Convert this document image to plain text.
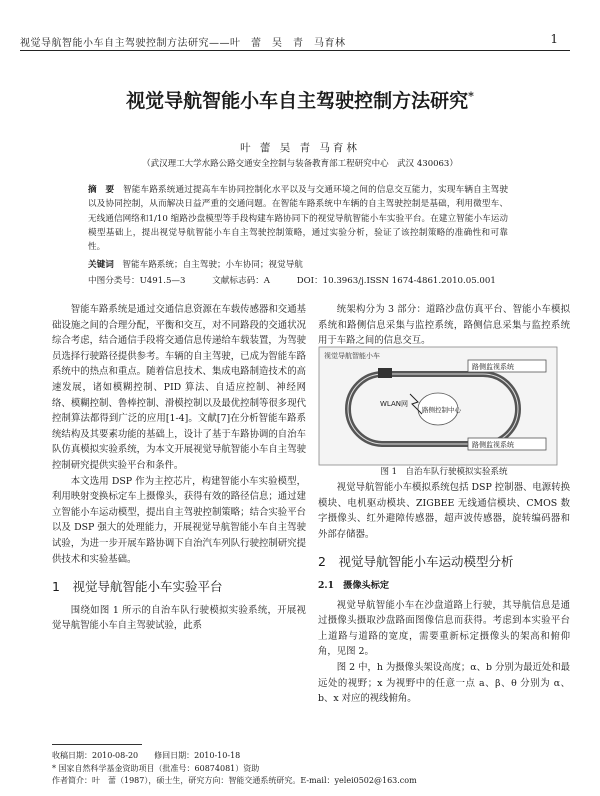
视觉导航智能小车自主驾驶控制方法研究——叶　蕾　吴　青　马育林	1
视觉导航智能小车自主驾驶控制方法研究*
叶 蕾 吴 青 马育林
（武汉理工大学水路公路交通安全控制与装备教育部工程研究中心　武汉 430063）
摘　要　 智能车路系统通过提高车车协同控制化水平以及与交通环境之间的信息交互能力，实现车辆自主驾驶以及协同控制，从而解决日益严重的交通问题。在智能车路系统中车辆的自主驾驶控制是基础，利用微型车、无线通信网络和1/10 缩路沙盘模型等手段构建车路协同下的视觉导航智能小车实验平台。在建立智能小车运动模型基础上，提出视觉导航智能小车自主驾驶控制策略，通过实验分析，验证了该控制策略的准确性和可靠性。
关键词　 智能车路系统；自主驾驶；小车协同；视觉导航
中图分类号：U491.5—3	文献标志码：A	DOI：10.3963/j.ISSN 1674-4861.2010.05.001

智能车路系统是通过交通信息资源在车载传感器和交通基础设施之间的合理分配，平衡和交互，对不同路段的交通状况综合考虑，结合通信手段将交通信息传递给车载装置，为驾驶员选择行驶路径提供参考。车辆的自主驾驶，已成为智能车路系统中的热点和重点。随着信息技术、集成电路制造技术的高速发展，诸如模糊控制、PID 算法、自适应控制、神经网络、模糊控制、鲁棒控制、滑模控制以及最优控制等很多现代控制算法都得到广泛的应用[1-4]。文献[7]在分析智能车路系统结构及其要素功能的基础上，设计了基于车路协调的自治车队仿真模拟实验系统，为本文开展视觉导航智能小车自主驾驶控制研究提供实验平台和条件。

本文选用 DSP 作为主控芯片，构建智能小车实验模型，利用映射变换标定车上摄像头，获得有效的路径信息；通过建立智能小车运动模型，提出自主驾驶控制策略；结合实验平台以及 DSP 强大的处理能力，开展视觉导航智能小车自主驾驶试验，为进一步开展车路协调下自治汽车列队行驶控制研究提供技术和实验基础。

1　视觉导航智能小车实验平台

围绕如图 1 所示的自治车队行驶模拟实验系统，开展视觉导航智能小车自主驾驶试验，此系

统架构分为 3 部分：道路沙盘仿真平台、智能小车模拟系统和路侧信息采集与监控系统，路侧信息采集与监控系统用于车路之间的信息交互。

视觉导航智能小车
路侧监视系统
路侧控制中心
WLAN网
路侧监视系统
图 1　自治车队行驶模拟实验系统

视觉导航智能小车模拟系统包括 DSP 控制器、电源转换模块、电机驱动模块、ZIGBEE 无线通信模块、CMOS 数字摄像头、红外避障传感器，超声波传感器，旋转编码器和外部存储器。

2　视觉导航智能小车运动模型分析
2.1　摄像头标定

视觉导航智能小车在沙盘道路上行驶，其导航信息是通过摄像头摄取沙盘路面图像信息而获得。考虑到本实验平台上道路与道路的宽度，需要重新标定摄像头的架高和俯仰角，见图 2。

图 2 中，h 为摄像头架设高度；α、b 分别为最近处和最远处的视野；x 为视野中的任意一点 a、β、θ 分别为 α、b、x 对应的视线俯角。

收稿日期：2010-08-20　　修回日期：2010-10-18
* 国家自然科学基金资助项目（批准号：60874081）资助
作者简介：叶　蕾（1987），硕士生，研究方向：智能交通系统研究。E-mail：yelei0502@163.com
